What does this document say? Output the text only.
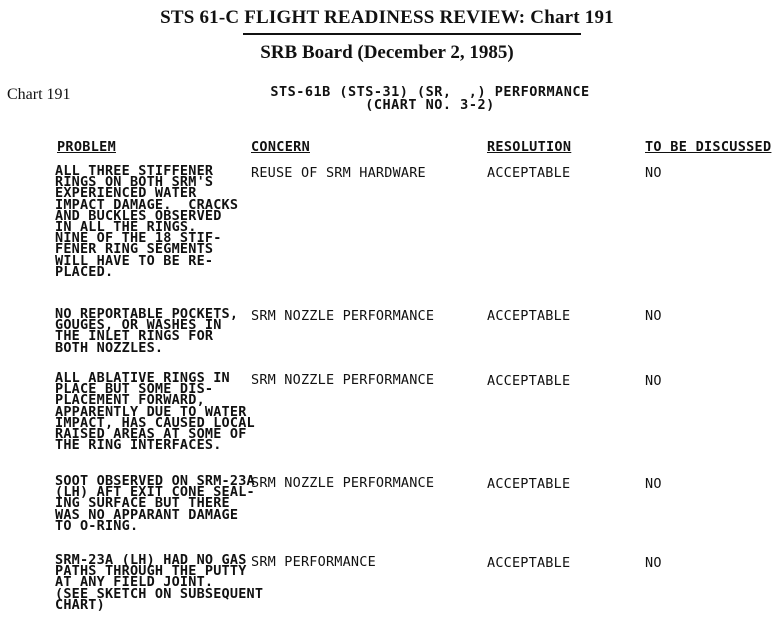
STS 61-C FLIGHT READINESS REVIEW: Chart 191
SRB Board (December 2, 1985)
Chart 191	STS-61B (STS-31) (SR,  ,) PERFORMANCE
(CHART NO. 3-2)
PROBLEM	CONCERN	RESOLUTION	TO BE DISCUSSED
ALL THREE STIFFENER
RINGS ON BOTH SRM'S
EXPERIENCED WATER
IMPACT DAMAGE.  CRACKS
AND BUCKLES OBSERVED
IN ALL THE RINGS.
NINE OF THE 18 STIF-
FENER RING SEGMENTS
WILL HAVE TO BE RE-
PLACED.
REUSE OF SRM HARDWARE	ACCEPTABLE	NO
NO REPORTABLE POCKETS,
GOUGES, OR WASHES IN
THE INLET RINGS FOR
BOTH NOZZLES.
SRM NOZZLE PERFORMANCE	ACCEPTABLE	NO
ALL ABLATIVE RINGS IN
PLACE BUT SOME DIS-
PLACEMENT FORWARD,
APPARENTLY DUE TO WATER
IMPACT, HAS CAUSED LOCAL
RAISED AREAS AT SOME OF
THE RING INTERFACES.
SRM NOZZLE PERFORMANCE	ACCEPTABLE	NO
SOOT OBSERVED ON SRM-23A
(LH) AFT EXIT CONE SEAL-
ING SURFACE BUT THERE
WAS NO APPARANT DAMAGE
TO O-RING.
SRM NOZZLE PERFORMANCE	ACCEPTABLE	NO
SRM-23A (LH) HAD NO GAS
PATHS THROUGH THE PUTTY
AT ANY FIELD JOINT.
(SEE SKETCH ON SUBSEQUENT
CHART)
SRM PERFORMANCE	ACCEPTABLE	NO
